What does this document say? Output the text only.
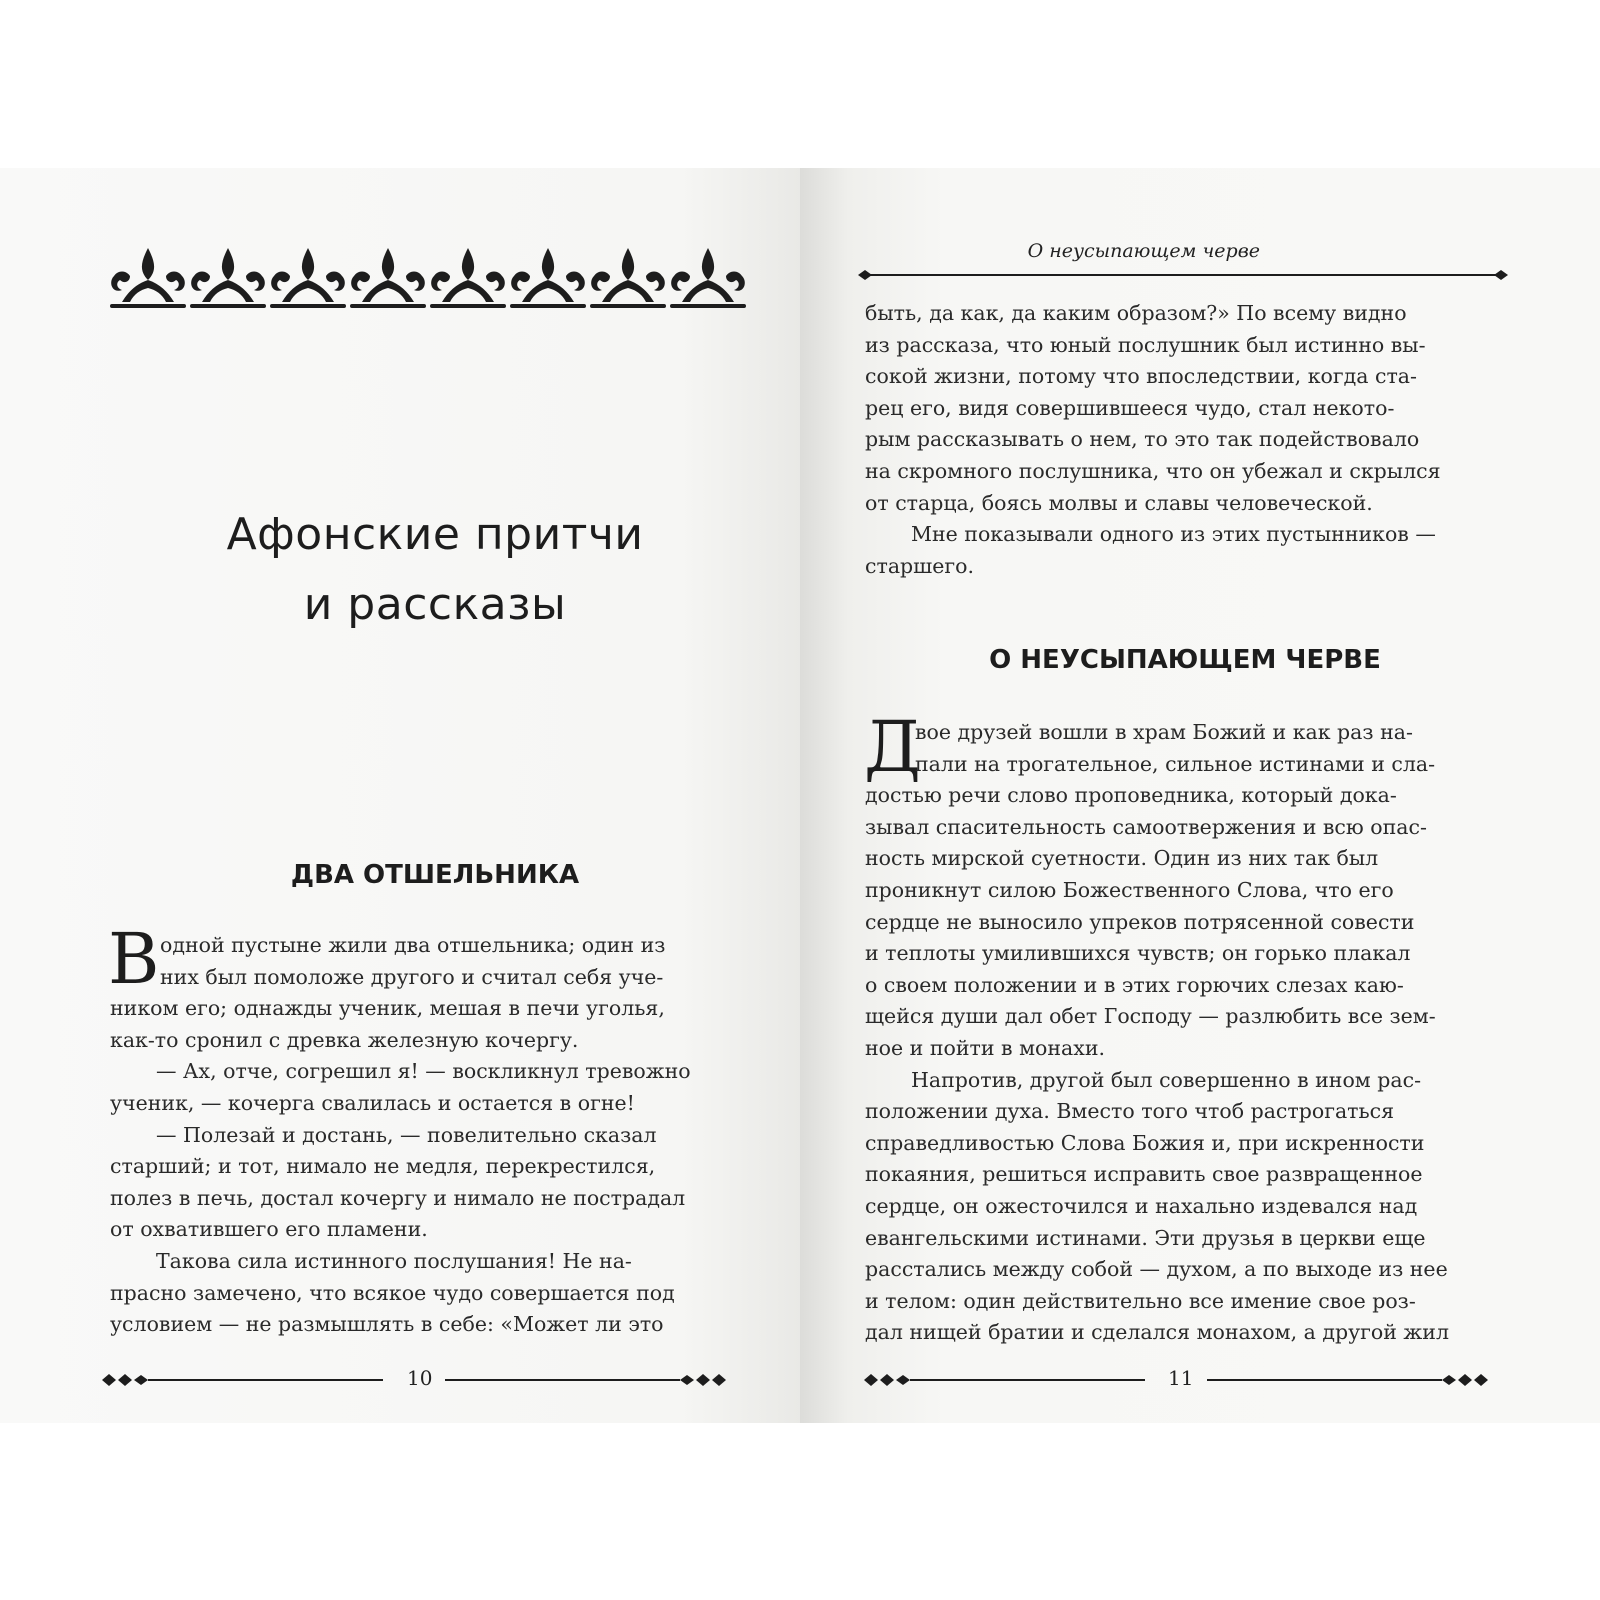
Афонские притчи
и рассказы
ДВА ОТШЕЛЬНИКА
В одной пустыне жили два отшельника; один из
них был помоложе другого и считал себя уче-
ником его; однажды ученик, мешая в печи уголья,
как-то сронил с древка железную кочергу.
— Ах, отче, согрешил я! — воскликнул тревожно
ученик, — кочерга свалилась и остается в огне!
— Полезай и достань, — повелительно сказал
старший; и тот, нимало не медля, перекрестился,
полез в печь, достал кочергу и нимало не пострадал
от охватившего его пламени.
Такова сила истинного послушания! Не на-
прасно замечено, что всякое чудо совершается под
условием — не размышлять в себе: «Может ли это
10
О неусыпающем черве
быть, да как, да каким образом?» По всему видно
из рассказа, что юный послушник был истинно вы-
сокой жизни, потому что впоследствии, когда ста-
рец его, видя совершившееся чудо, стал некото-
рым рассказывать о нем, то это так подействовало
на скромного послушника, что он убежал и скрылся
от старца, боясь молвы и славы человеческой.
Мне показывали одного из этих пустынников —
старшего.
О НЕУСЫПАЮЩЕМ ЧЕРВЕ
Д
вое друзей вошли в храм Божий и как раз на-
пали на трогательное, сильное истинами и сла-
достью речи слово проповедника, который дока-
зывал спасительность самоотвержения и всю опас-
ность мирской суетности. Один из них так был
проникнут силою Божественного Слова, что его
сердце не выносило упреков потрясенной совести
и теплоты умилившихся чувств; он горько плакал
о своем положении и в этих горючих слезах каю-
щейся души дал обет Господу — разлюбить все зем-
ное и пойти в монахи.
Напротив, другой был совершенно в ином рас-
положении духа. Вместо того чтоб растрогаться
справедливостью Слова Божия и, при искренности
покаяния, решиться исправить свое развращенное
сердце, он ожесточился и нахально издевался над
евангельскими истинами. Эти друзья в церкви еще
расстались между собой — духом, а по выходе из нее
и телом: один действительно все имение свое роз-
дал нищей братии и сделался монахом, а другой жил
11
